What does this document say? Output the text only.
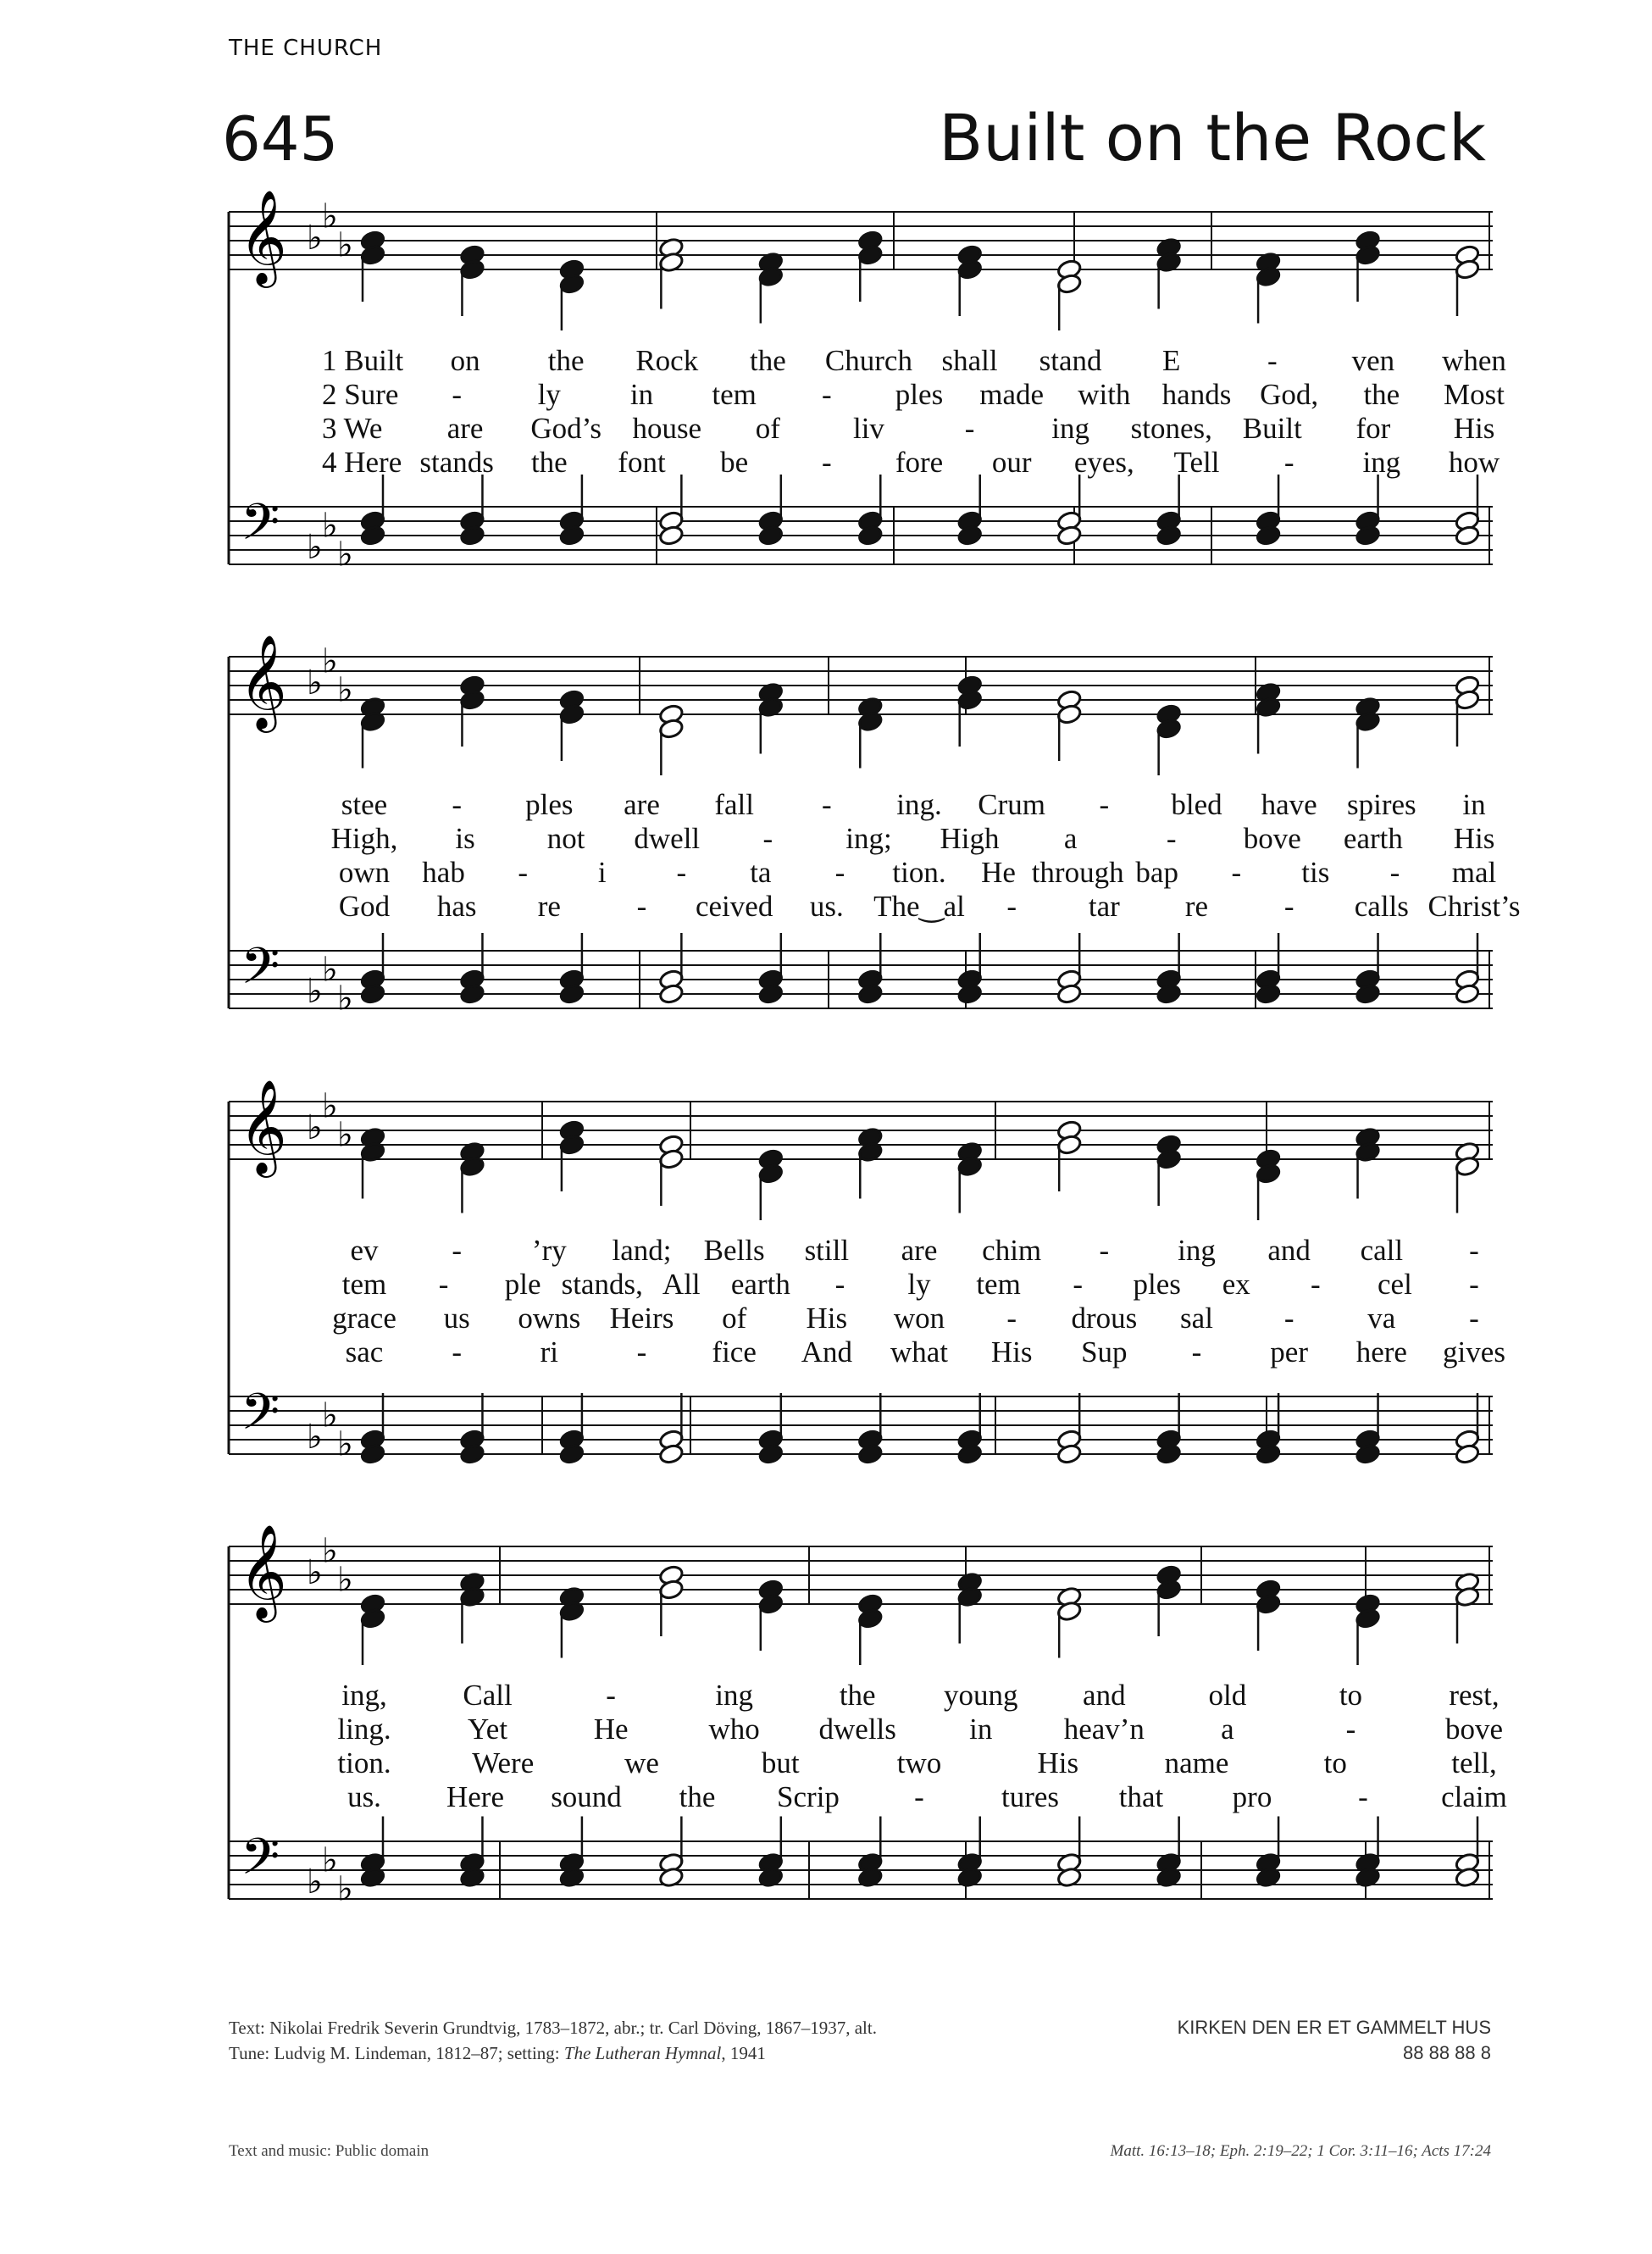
THE CHURCH
645	Built on the Rock
𝄞
𝄢
♭
♭
♭
♭
♭
♭
𝄞
𝄢
♭
♭
♭
♭
♭
♭
𝄞
𝄢
♭
♭
♭
♭
♭
♭
𝄞
𝄢
♭
♭
♭
♭
♭
♭
1 Built on the Rock the Church shall stand E	-	ven when
2 Sure -	ly in tem - ples made with hands God, the Most
3 We are God’s house of liv	-	ing stones, Built for His
4 Here stands the font be - fore our eyes, Tell - ing how
stee - ples are fall - ing. Crum - bled have spires in
High, is not dwell - ing; High a	- bove earth His
own hab - i - ta - tion. He through bap - tis - mal
God has re	- ceived us. The‿al - tar re	- calls Christ’s
ev - ’ry land; Bells still are chim - ing and call -
tem - ple stands, All earth - ly tem - ples ex - cel -
grace us owns Heirs of His won - drous sal - va -
sac -	ri	- fice And what His Sup - per here gives
ing,	Call	-	ing	the young and	old	to	rest,
ling.	Yet	He	who dwells in heav’n	a	-	bove
tion.	Were	we	but	two	His	name	to	tell,
us. Here sound the Scrip	-	tures that pro	- claim
Text: Nikolai Fredrik Severin Grundtvig, 1783–1872, abr.; tr. Carl Döving, 1867–1937, alt.
Tune: Ludvig M. Lindeman, 1812–87; setting: The Lutheran Hymnal, 1941
KIRKEN DEN ER ET GAMMELT HUS
88 88 88 8
Text and music: Public domain	Matt. 16:13–18; Eph. 2:19–22; 1 Cor. 3:11–16; Acts 17:24
